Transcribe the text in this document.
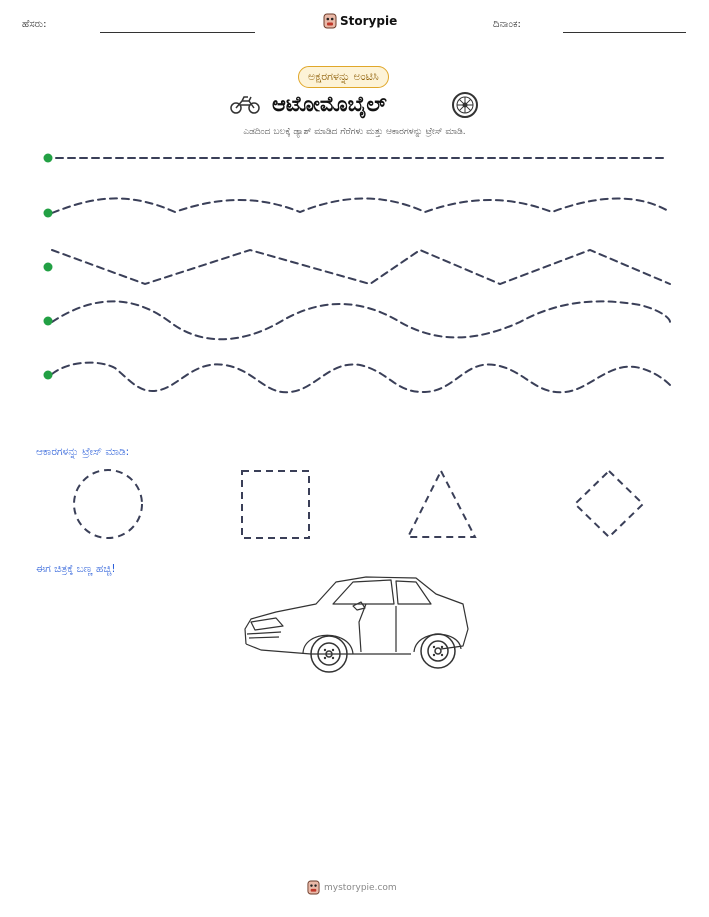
ಹೆಸರು:	Storypie	ದಿನಾಂಕ:
ಅಕ್ಷರಗಳನ್ನು ಅಂಟಿಸಿ
ಆಟೋಮೊಬೈಲ್
ಎಡದಿಂದ ಬಲಕ್ಕೆ ಡ್ಯಾಶ್ ಮಾಡಿದ ಗೆರೆಗಳು ಮತ್ತು ಆಕಾರಗಳನ್ನು ಟ್ರೇಸ್ ಮಾಡಿ.
ಆಕಾರಗಳನ್ನು ಟ್ರೇಸ್ ಮಾಡಿ:
ಈಗ ಚಿತ್ರಕ್ಕೆ ಬಣ್ಣ ಹಚ್ಚಿ!
mystorypie.com
